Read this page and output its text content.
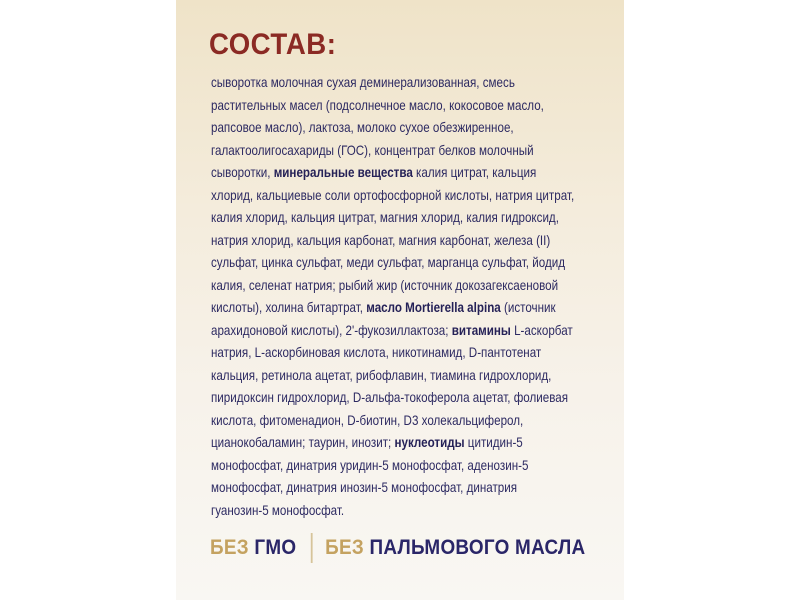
СОСТАВ:
сыворотка молочная сухая деминерализованная, смесь
растительных масел (подсолнечное масло, кокосовое масло,
рапсовое масло), лактоза, молоко сухое обезжиренное,
галактоолигосахариды (ГОС), концентрат белков молочный
сыворотки, минеральные вещества калия цитрат, кальция
хлорид, кальциевые соли ортофосфорной кислоты, натрия цитрат,
калия хлорид, кальция цитрат, магния хлорид, калия гидроксид,
натрия хлорид, кальция карбонат, магния карбонат, железа (II)
сульфат, цинка сульфат, меди сульфат, марганца сульфат, йодид
калия, селенат натрия; рыбий жир (источник докозагексаеновой
кислоты), холина битартрат, масло Mortierella alpina (источник
арахидоновой кислоты), 2'-фукозиллактоза; витамины L-аскорбат
натрия, L-аскорбиновая кислота, никотинамид, D-пантотенат
кальция, ретинола ацетат, рибофлавин, тиамина гидрохлорид,
пиридоксин гидрохлорид, D-альфа-токоферола ацетат, фолиевая
кислота, фитоменадион, D-биотин, D3 холекальциферол,
цианокобаламин; таурин, инозит; нуклеотиды цитидин-5
монофосфат, динатрия уридин-5 монофосфат, аденозин-5
монофосфат, динатрия инозин-5 монофосфат, динатрия
гуанозин-5 монофосфат.
БЕЗ ГМО БЕЗ ПАЛЬМОВОГО МАСЛА
